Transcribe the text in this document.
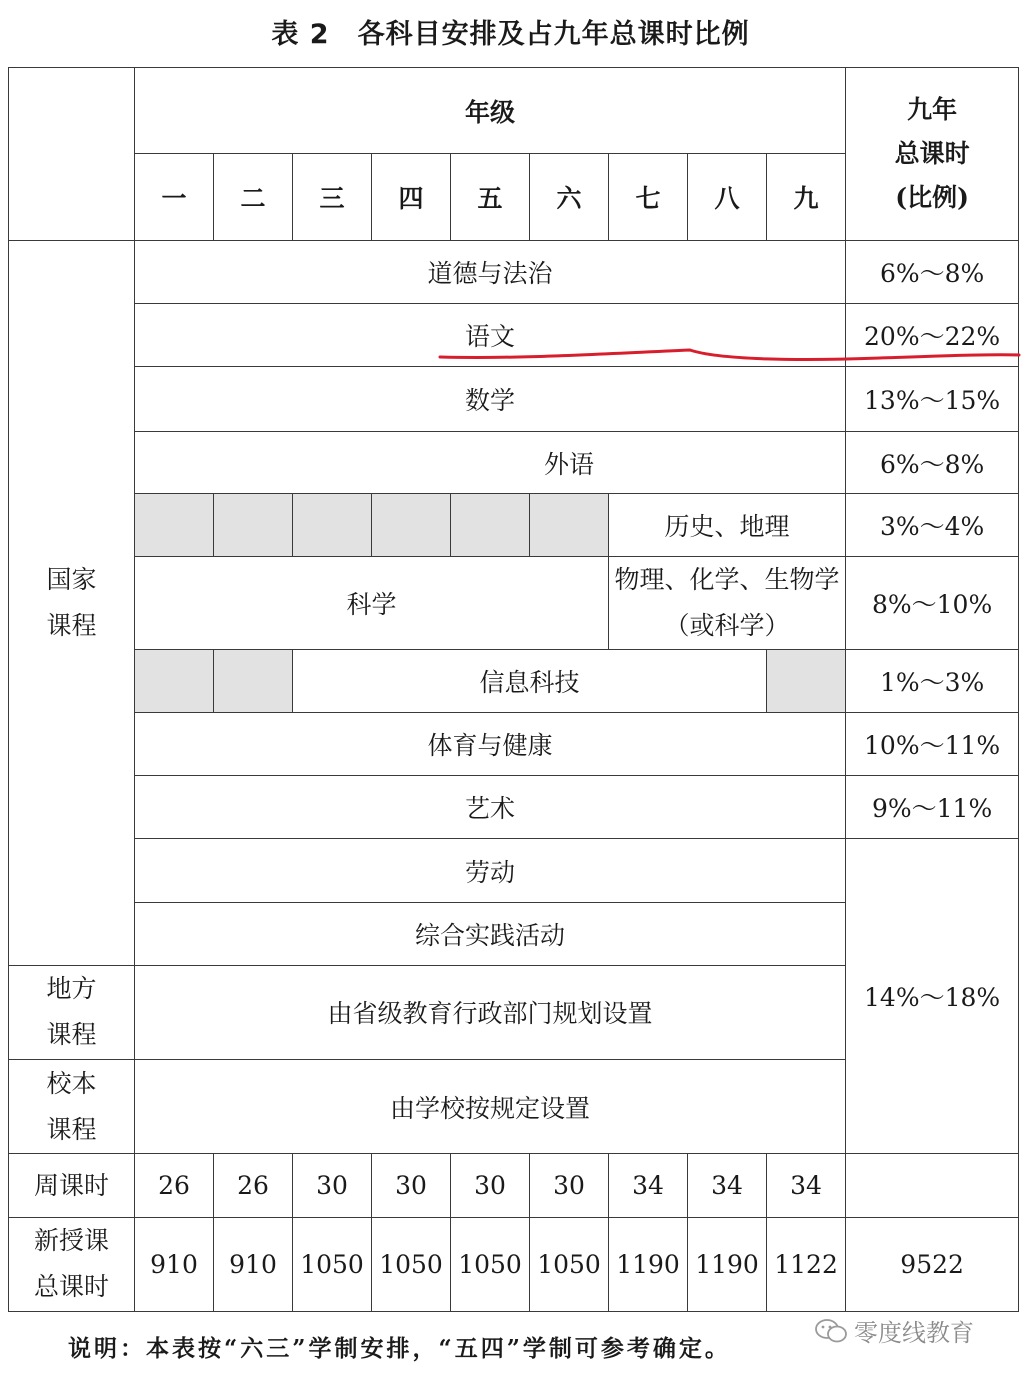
表 2　各科目安排及占九年总课时比例
	年级									九年
总课时
(比例)
	一	二	三	四	五	六	七	八	九	
国家
课程	道德与法治									6%～8%
	语文									20%～22%
	数学									13%～15%
	外语									6%～8%
							历史、地理			3%～4%
	科学						物理、化学、生物学（或科学）			8%～10%
			信息科技							1%～3%
	体育与健康									10%～11%
	艺术									9%～11%
	劳动									14%～18%
	综合实践活动									
地方
课程	由省级教育行政部门规划设置									
校本
课程	由学校按规定设置									
周课时	26	26	30	30	30	30	34	34	34	
新授课
总课时	910	910	1050	1050	1050	1050	1190	1190	1122	9522
说明：本表按“六三”学制安排，“五四”学制可参考确定。
零度线教育
